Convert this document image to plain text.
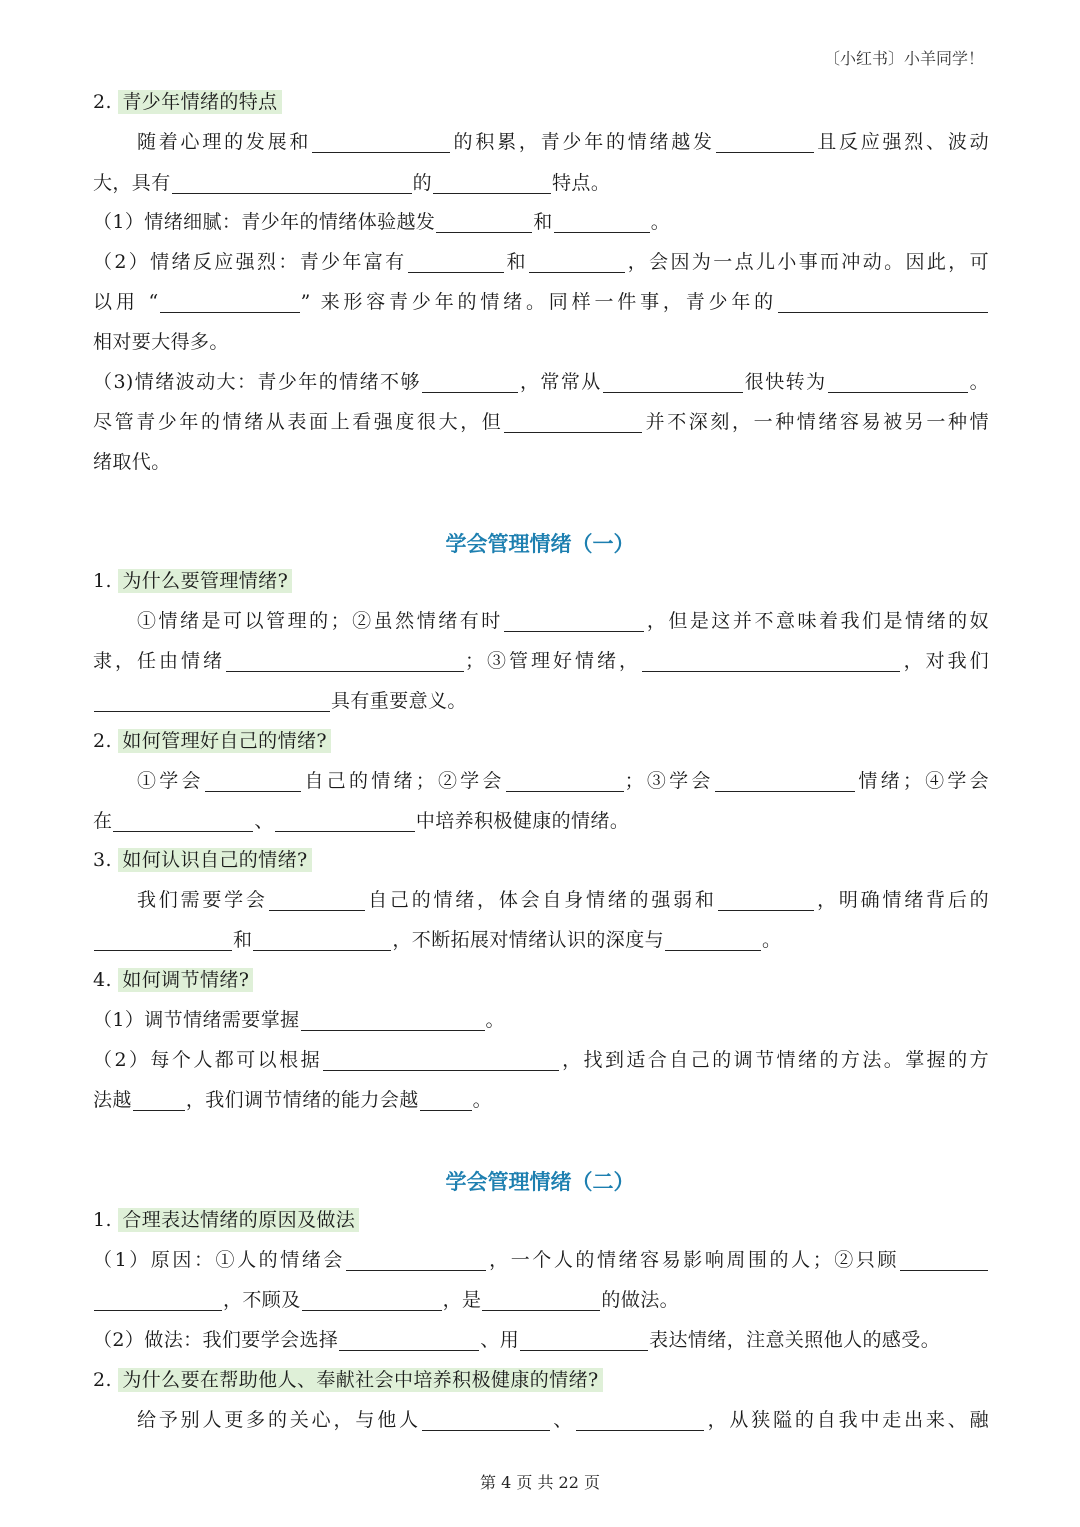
〔小红书〕小羊同学！
2. 青少年情绪的特点
随着心理的发展和	的积累，青少年的情绪越发	且反应强烈、波动
大，具有	的	特点。
（1）情绪细腻：青少年的情绪体验越发	和	。
（2）情绪反应强烈：青少年富有	和	，会因为一点儿小事而冲动。因此，可
以用 “	” 来形容青少年的情绪。同样一件事，青少年的
相对要大得多。
（3)情绪波动大：青少年的情绪不够	，常常从	很快转为	。
尽管青少年的情绪从表面上看强度很大，但	并不深刻，一种情绪容易被另一种情
绪取代。
学会管理情绪（一）
1. 为什么要管理情绪?
①情绪是可以管理的；②虽然情绪有时	，但是这并不意味着我们是情绪的奴
隶，任由情绪	；③管理好情绪，	，对我们
具有重要意义。
2. 如何管理好自己的情绪?
①学会	自己的情绪；②学会	；③学会	情绪；④学会
在	、	中培养积极健康的情绪。
3. 如何认识自己的情绪?
我们需要学会	自己的情绪，体会自身情绪的强弱和	，明确情绪背后的
和	，不断拓展对情绪认识的深度与	。
4. 如何调节情绪?
（1）调节情绪需要掌握	。
（2）每个人都可以根据	，找到适合自己的调节情绪的方法。掌握的方
法越	，我们调节情绪的能力会越	。
学会管理情绪（二）
1. 合理表达情绪的原因及做法
（1）原因：①人的情绪会	，一个人的情绪容易影响周围的人；②只顾
，不顾及	，是	的做法。
（2）做法：我们要学会选择	、用	表达情绪，注意关照他人的感受。
2. 为什么要在帮助他人、奉献社会中培养积极健康的情绪?
给予别人更多的关心，与他人	、	，从狭隘的自我中走出来、融
第 4 页 共 22 页
